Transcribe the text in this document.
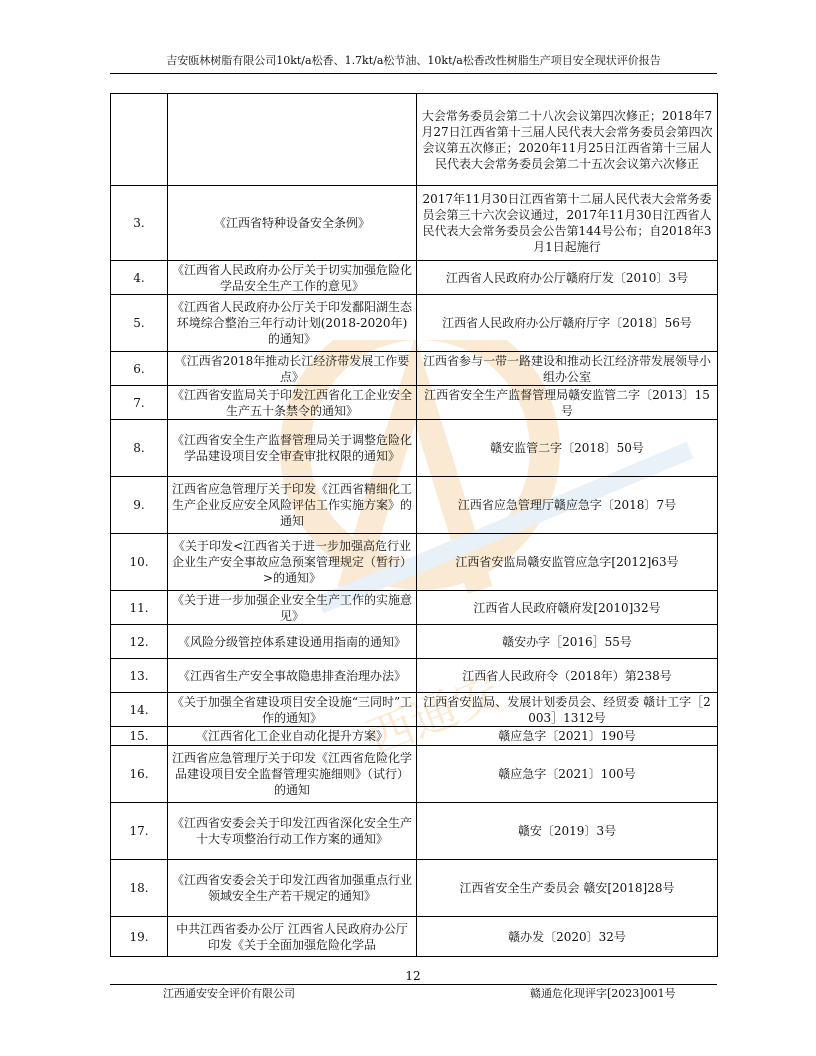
吉安瓯林树脂有限公司10kt/a松香、1.7kt/a松节油、10kt/a松香改性树脂生产项目安全现状评价报告
西通安
		大会常务委员会第二十八次会议第四次修正；2018年7月27日江西省第十三届人民代表大会常务委员会第四次会议第五次修正；2020年11月25日江西省第十三届人民代表大会常务委员会第二十五次会议第六次修正
3.	《江西省特种设备安全条例》	2017年11月30日江西省第十二届人民代表大会常务委员会第三十六次会议通过，2017年11月30日江西省人民代表大会常务委员会公告第144号公布；自2018年3月1日起施行
4.	《江西省人民政府办公厅关于切实加强危险化学品安全生产工作的意见》	江西省人民政府办公厅赣府厅发〔2010〕3号
5.	《江西省人民政府办公厅关于印发鄱阳湖生态环境综合整治三年行动计划(2018-2020年)的通知》	江西省人民政府办公厅赣府厅字〔2018〕56号
6.	《江西省2018年推动长江经济带发展工作要点》	江西省参与一带一路建设和推动长江经济带发展领导小组办公室
7.	《江西省安监局关于印发江西省化工企业安全生产五十条禁令的通知》	江西省安全生产监督管理局赣安监管二字〔2013〕15号
8.	《江西省安全生产监督管理局关于调整危险化学品建设项目安全审查审批权限的通知》	赣安监管二字〔2018〕50号
9.	江西省应急管理厅关于印发《江西省精细化工生产企业反应安全风险评估工作实施方案》的通知	江西省应急管理厅赣应急字〔2018〕7号
10.	《关于印发<江西省关于进一步加强高危行业企业生产安全事故应急预案管理规定（暂行）>的通知》	江西省安监局赣安监管应急字[2012]63号
11.	《关于进一步加强企业安全生产工作的实施意见》	江西省人民政府赣府发[2010]32号
12.	《风险分级管控体系建设通用指南的通知》	赣安办字［2016］55号
13.	《江西省生产安全事故隐患排查治理办法》	江西省人民政府令（2018年）第238号
14.	《关于加强全省建设项目安全设施“三同时”工作的通知》	江西省安监局、发展计划委员会、经贸委 赣计工字［2003］1312号
15.	《江西省化工企业自动化提升方案》	赣应急字〔2021〕190号
16.	江西省应急管理厅关于印发《江西省危险化学品建设项目安全监督管理实施细则》（试行）的通知	赣应急字〔2021〕100号
17.	《江西省安委会关于印发江西省深化安全生产十大专项整治行动工作方案的通知》	赣安〔2019〕3号
18.	《江西省安委会关于印发江西省加强重点行业领域安全生产若干规定的通知》	江西省安全生产委员会 赣安[2018]28号
19.	中共江西省委办公厅 江西省人民政府办公厅印发《关于全面加强危险化学品	赣办发〔2020〕32号
12
江西通安安全评价有限公司	赣通危化现评字[2023]001号
